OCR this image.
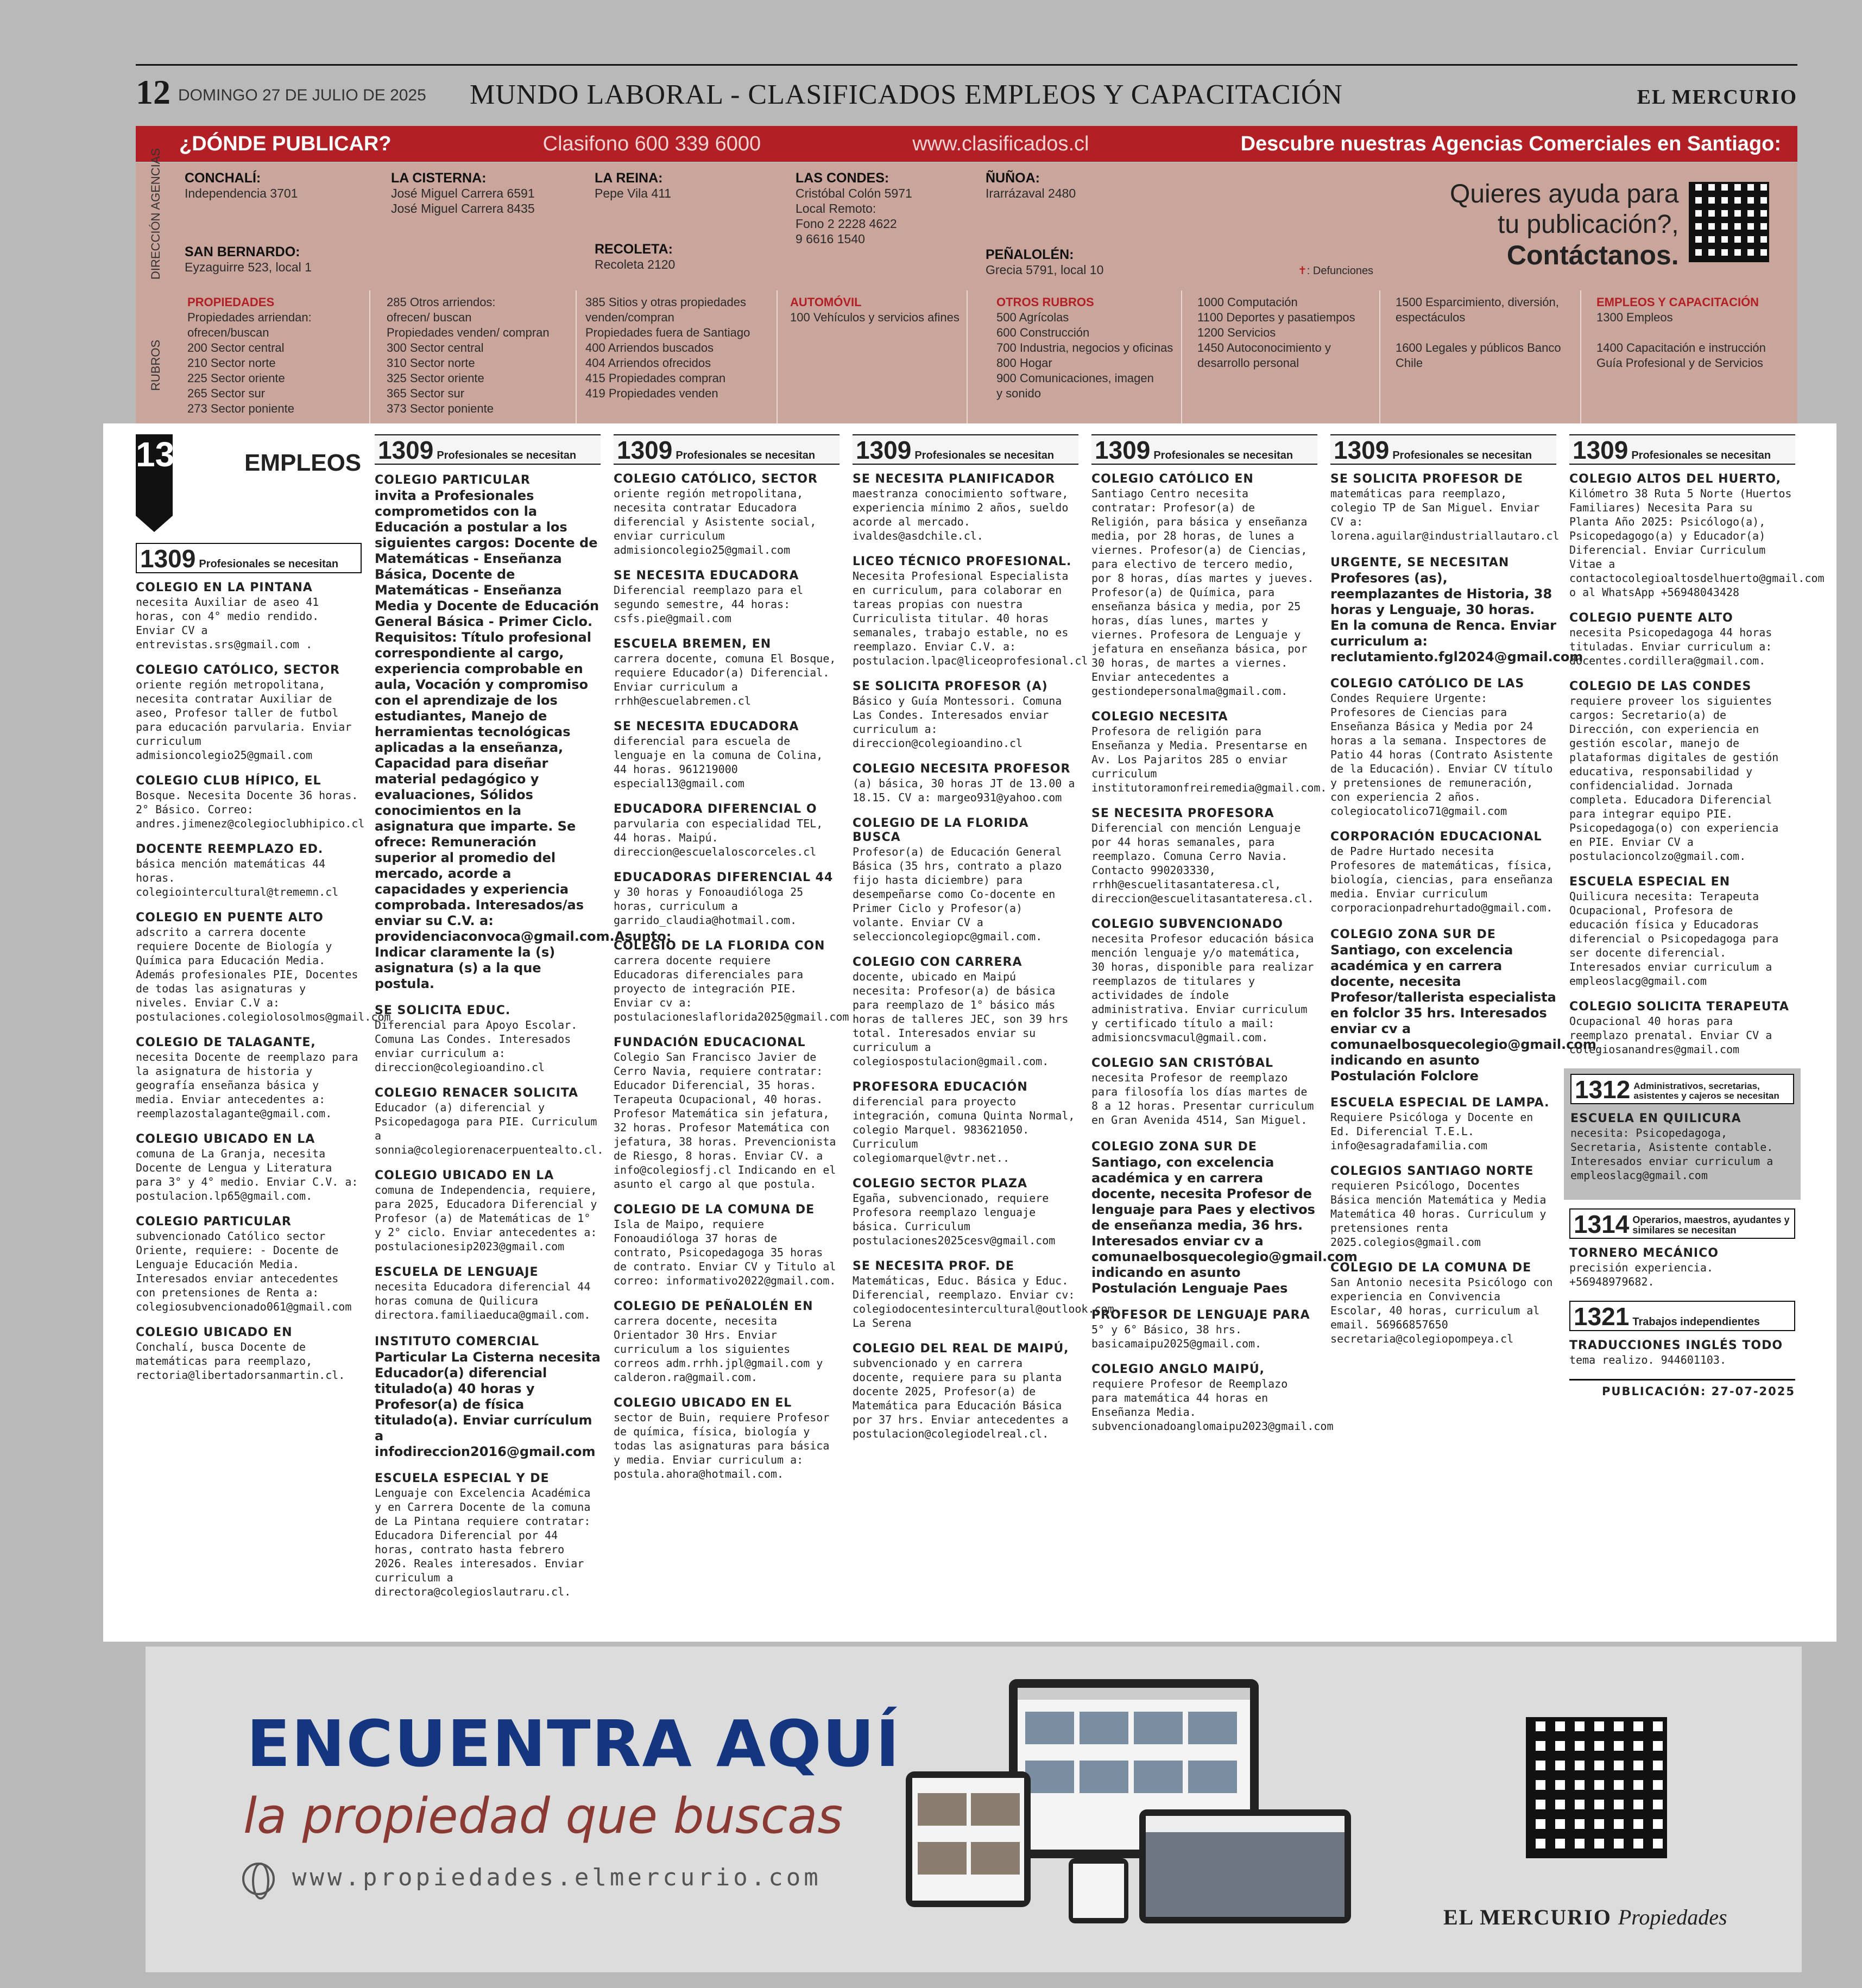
12 DOMINGO 27 DE JULIO DE 2025 MUNDO LABORAL - CLASIFICADOS EMPLEOS Y CAPACITACIÓN	EL MERCURIO
¿DÓNDE PUBLICAR?	Clasifono 600 339 6000	www.clasificados.cl	Descubre nuestras Agencias Comerciales en Santiago:
DIRECCIÓN AGENCIAS
RUBROS
CONCHALÍ:
Independencia 3701
SAN BERNARDO:
Eyzaguirre 523, local 1
LA CISTERNA:
José Miguel Carrera 6591
José Miguel Carrera 8435
LA REINA:
Pepe Vila 411
RECOLETA:
Recoleta 2120
LAS CONDES:
Cristóbal Colón 5971
Local Remoto:
Fono 2 2228 4622
9 6616 1540
ÑUÑOA:
Irarrázaval 2480
PEÑALOLÉN:
Grecia 5791, local 10	✝: Defunciones
Quieres ayuda para
tu publicación?,
Contáctanos.
PROPIEDADES
Propiedades arriendan:
ofrecen/buscan
200 Sector central
210 Sector norte
225 Sector oriente
265 Sector sur
273 Sector poniente
285 Otros arriendos:
ofrecen/ buscan
Propiedades venden/ compran
300 Sector central
310 Sector norte
325 Sector oriente
365 Sector sur
373 Sector poniente
385 Sitios y otras propiedades
venden/compran
Propiedades fuera de Santiago
400 Arriendos buscados
404 Arriendos ofrecidos
415 Propiedades compran
419 Propiedades venden
AUTOMÓVIL
100 Vehículos y servicios afines
OTROS RUBROS
500 Agrícolas
600 Construcción
700 Industria, negocios y oficinas
800 Hogar
900 Comunicaciones, imagen
y sonido
1000 Computación
1100 Deportes y pasatiempos
1200 Servicios
1450 Autoconocimiento y
desarrollo personal
1500 Esparcimiento, diversión,
espectáculos

1600 Legales y públicos Banco
Chile
EMPLEOS Y CAPACITACIÓN
1300 Empleos

1400 Capacitación e instrucción
Guía Profesional y de Servicios
1300 EMPLEOS
1309 Profesionales se necesitan
COLEGIO EN LA PINTANA
necesita Auxiliar de aseo 41 horas, con 4° medio rendido. Enviar CV a entrevistas.srs@gmail.com .
COLEGIO CATÓLICO, SECTOR
oriente región metropolitana, necesita contratar Auxiliar de aseo, Profesor taller de futbol para educación parvularia. Enviar curriculum admisioncolegio25@gmail.com
COLEGIO CLUB HÍPICO, EL
Bosque. Necesita Docente 36 horas. 2° Básico. Correo: andres.jimenez@colegioclubhipico.cl
DOCENTE REEMPLAZO ED.
básica mención matemáticas 44 horas. colegiointercultural@trememn.cl
COLEGIO EN PUENTE ALTO
adscrito a carrera docente requiere Docente de Biología y Química para Educación Media. Además profesionales PIE, Docentes de todas las asignaturas y niveles. Enviar C.V a: postulaciones.colegiolosolmos@gmail.com
COLEGIO DE TALAGANTE,
necesita Docente de reemplazo para la asignatura de historia y geografía enseñanza básica y media. Enviar antecedentes a: reemplazostalagante@gmail.com.
COLEGIO UBICADO EN LA
comuna de La Granja, necesita Docente de Lengua y Literatura para 3° y 4° medio. Enviar C.V. a: postulacion.lp65@gmail.com.
COLEGIO PARTICULAR
subvencionado Católico sector Oriente, requiere: - Docente de Lenguaje Educación Media. Interesados enviar antecedentes con pretensiones de Renta a: colegiosubvencionado061@gmail.com
COLEGIO UBICADO EN
Conchalí, busca Docente de matemáticas para reemplazo, rectoria@libertadorsanmartin.cl.
1309 Profesionales se necesitan
COLEGIO PARTICULAR
invita a Profesionales comprometidos con la Educación a postular a los siguientes cargos: Docente de Matemáticas - Enseñanza Básica, Docente de Matemáticas - Enseñanza Media y Docente de Educación General Básica - Primer Ciclo. Requisitos: Título profesional correspondiente al cargo, experiencia comprobable en aula, Vocación y compromiso con el aprendizaje de los estudiantes, Manejo de herramientas tecnológicas aplicadas a la enseñanza, Capacidad para diseñar material pedagógico y evaluaciones, Sólidos conocimientos en la asignatura que imparte. Se ofrece: Remuneración superior al promedio del mercado, acorde a capacidades y experiencia comprobada. Interesados/as enviar su C.V. a: providenciaconvoca@gmail.com.Asunto: Indicar claramente la (s) asignatura (s) a la que postula.
SE SOLICITA EDUC.
Diferencial para Apoyo Escolar. Comuna Las Condes. Interesados enviar curriculum a: direccion@colegioandino.cl
COLEGIO RENACER SOLICITA
Educador (a) diferencial y Psicopedagoga para PIE. Curriculum a sonnia@colegiorenacerpuentealto.cl.
COLEGIO UBICADO EN LA
comuna de Independencia, requiere, para 2025, Educadora Diferencial y Profesor (a) de Matemáticas de 1° y 2° ciclo. Enviar antecedentes a: postulacionesip2023@gmail.com
ESCUELA DE LENGUAJE
necesita Educadora diferencial 44 horas comuna de Quilicura directora.familiaeduca@gmail.com.
INSTITUTO COMERCIAL
Particular La Cisterna necesita Educador(a) diferencial titulado(a) 40 horas y Profesor(a) de física titulado(a). Enviar currículum a infodireccion2016@gmail.com
ESCUELA ESPECIAL Y DE
Lenguaje con Excelencia Académica y en Carrera Docente de la comuna de La Pintana requiere contratar: Educadora Diferencial por 44 horas, contrato hasta febrero 2026. Reales interesados. Enviar curriculum a directora@colegioslautraru.cl.
1309 Profesionales se necesitan
COLEGIO CATÓLICO, SECTOR
oriente región metropolitana, necesita contratar Educadora diferencial y Asistente social, enviar curriculum admisioncolegio25@gmail.com
SE NECESITA EDUCADORA
Diferencial reemplazo para el segundo semestre, 44 horas: csfs.pie@gmail.com
ESCUELA BREMEN, EN
carrera docente, comuna El Bosque, requiere Educador(a) Diferencial. Enviar curriculum a rrhh@escuelabremen.cl
SE NECESITA EDUCADORA
diferencial para escuela de lenguaje en la comuna de Colina, 44 horas. 961219000 especial13@gmail.com
EDUCADORA DIFERENCIAL O
parvularia con especialidad TEL, 44 horas. Maipú. direccion@escuelaloscorceles.cl
EDUCADORAS DIFERENCIAL 44
y 30 horas y Fonoaudióloga 25 horas, curriculum a garrido_claudia@hotmail.com.
COLEGIO DE LA FLORIDA CON
carrera docente requiere Educadoras diferenciales para proyecto de integración PIE. Enviar cv a: postulacioneslaflorida2025@gmail.com
FUNDACIÓN EDUCACIONAL
Colegio San Francisco Javier de Cerro Navia, requiere contratar: Educador Diferencial, 35 horas. Terapeuta Ocupacional, 40 horas. Profesor Matemática sin jefatura, 32 horas. Profesor Matemática con jefatura, 38 horas. Prevencionista de Riesgo, 8 horas. Enviar CV. a info@colegiosfj.cl Indicando en el asunto el cargo al que postula.
COLEGIO DE LA COMUNA DE
Isla de Maipo, requiere Fonoaudióloga 37 horas de contrato, Psicopedagoga 35 horas de contrato. Enviar CV y Titulo al correo: informativo2022@gmail.com.
COLEGIO DE PEÑALOLÉN EN
carrera docente, necesita Orientador 30 Hrs. Enviar curriculum a los siguientes correos adm.rrhh.jpl@gmail.com y calderon.ra@gmail.com.
COLEGIO UBICADO EN EL
sector de Buin, requiere Profesor de química, física, biología y todas las asignaturas para básica y media. Enviar curriculum a: postula.ahora@hotmail.com.
1309 Profesionales se necesitan
SE NECESITA PLANIFICADOR
maestranza conocimiento software, experiencia mínimo 2 años, sueldo acorde al mercado. ivaldes@asdchile.cl.
LICEO TÉCNICO PROFESIONAL.
Necesita Profesional Especialista en curriculum, para colaborar en tareas propias con nuestra Curriculista titular. 40 horas semanales, trabajo estable, no es reemplazo. Enviar C.V. a: postulacion.lpac@liceoprofesional.cl
SE SOLICITA PROFESOR (A)
Básico y Guía Montessori. Comuna Las Condes. Interesados enviar curriculum a: direccion@colegioandino.cl
COLEGIO NECESITA PROFESOR
(a) básica, 30 horas JT de 13.00 a 18.15. CV a: margeo931@yahoo.com
COLEGIO DE LA FLORIDA BUSCA
Profesor(a) de Educación General Básica (35 hrs, contrato a plazo fijo hasta diciembre) para desempeñarse como Co-docente en Primer Ciclo y Profesor(a) volante. Enviar CV a seleccioncolegiopc@gmail.com.
COLEGIO CON CARRERA
docente, ubicado en Maipú necesita: Profesor(a) de básica para reemplazo de 1° básico más horas de talleres JEC, son 39 hrs total. Interesados enviar su curriculum a colegiospostulacion@gmail.com.
PROFESORA EDUCACIÓN
diferencial para proyecto integración, comuna Quinta Normal, colegio Marquel. 983621050. Curriculum colegiomarquel@vtr.net..
COLEGIO SECTOR PLAZA
Egaña, subvencionado, requiere Profesora reemplazo lenguaje básica. Curriculum postulaciones2025cesv@gmail.com
SE NECESITA PROF. DE
Matemáticas, Educ. Básica y Educ. Diferencial, reemplazo. Enviar cv: colegiodocentesintercultural@outlook.com. La Serena
COLEGIO DEL REAL DE MAIPÚ,
subvencionado y en carrera docente, requiere para su planta docente 2025, Profesor(a) de Matemática para Educación Básica por 37 hrs. Enviar antecedentes a postulacion@colegiodelreal.cl.
1309 Profesionales se necesitan
COLEGIO CATÓLICO EN
Santiago Centro necesita contratar: Profesor(a) de Religión, para básica y enseñanza media, por 28 horas, de lunes a viernes. Profesor(a) de Ciencias, para electivo de tercero medio, por 8 horas, días martes y jueves. Profesor(a) de Química, para enseñanza básica y media, por 25 horas, días lunes, martes y viernes. Profesora de Lenguaje y jefatura en enseñanza básica, por 30 horas, de martes a viernes. Enviar antecedentes a gestiondepersonalma@gmail.com.
COLEGIO NECESITA
Profesora de religión para Enseñanza y Media. Presentarse en Av. Los Pajaritos 285 o enviar curriculum institutoramonfreiremedia@gmail.com.
SE NECESITA PROFESORA
Diferencial con mención Lenguaje por 44 horas semanales, para reemplazo. Comuna Cerro Navia. Contacto 990203330, rrhh@escuelitasantateresa.cl, direccion@escuelitasantateresa.cl.
COLEGIO SUBVENCIONADO
necesita Profesor educación básica mención lenguaje y/o matemática, 30 horas, disponible para realizar reemplazos de titulares y actividades de índole administrativa. Enviar curriculum y certificado título a mail: admisioncsvmacul@gmail.com.
COLEGIO SAN CRISTÓBAL
necesita Profesor de reemplazo para filosofía los días martes de 8 a 12 horas. Presentar curriculum en Gran Avenida 4514, San Miguel.
COLEGIO ZONA SUR DE
Santiago, con excelencia académica y en carrera docente, necesita Profesor de lenguaje para Paes y electivos de enseñanza media, 36 hrs. Interesados enviar cv a comunaelbosquecolegio@gmail.com indicando en asunto Postulación Lenguaje Paes
PROFESOR DE LENGUAJE PARA
5° y 6° Básico, 38 hrs. basicamaipu2025@gmail.com.
COLEGIO ANGLO MAIPÚ,
requiere Profesor de Reemplazo para matemática 44 horas en Enseñanza Media. subvencionadoanglomaipu2023@gmail.com
1309 Profesionales se necesitan
SE SOLICITA PROFESOR DE
matemáticas para reemplazo, colegio TP de San Miguel. Enviar CV a: lorena.aguilar@industriallautaro.cl
URGENTE, SE NECESITAN
Profesores (as), reemplazantes de Historia, 38 horas y Lenguaje, 30 horas. En la comuna de Renca. Enviar curriculum a: reclutamiento.fgl2024@gmail.com
COLEGIO CATÓLICO DE LAS
Condes Requiere Urgente: Profesores de Ciencias para Enseñanza Básica y Media por 24 horas a la semana. Inspectores de Patio 44 horas (Contrato Asistente de la Educación). Enviar CV título y pretensiones de remuneración, con experiencia 2 años. colegiocatolico71@gmail.com
CORPORACIÓN EDUCACIONAL
de Padre Hurtado necesita Profesores de matemáticas, física, biología, ciencias, para enseñanza media. Enviar curriculum corporacionpadrehurtado@gmail.com.
COLEGIO ZONA SUR DE
Santiago, con excelencia académica y en carrera docente, necesita Profesor/tallerista especialista en folclor 35 hrs. Interesados enviar cv a comunaelbosquecolegio@gmail.com indicando en asunto Postulación Folclore
ESCUELA ESPECIAL DE LAMPA.
Requiere Psicóloga y Docente en Ed. Diferencial T.E.L. info@esagradafamilia.com
COLEGIOS SANTIAGO NORTE
requieren Psicólogo, Docentes Básica mención Matemática y Media Matemática 40 horas. Curriculum y pretensiones renta 2025.colegios@gmail.com
COLEGIO DE LA COMUNA DE
San Antonio necesita Psicólogo con experiencia en Convivencia Escolar, 40 horas, curriculum al email. 56966857650 secretaria@colegiopompeya.cl
1309 Profesionales se necesitan
COLEGIO ALTOS DEL HUERTO,
Kilómetro 38 Ruta 5 Norte (Huertos Familiares) Necesita Para su Planta Año 2025: Psicólogo(a), Psicopedagogo(a) y Educador(a) Diferencial. Enviar Curriculum Vitae a contactocolegioaltosdelhuerto@gmail.com o al WhatsApp +56948043428
COLEGIO PUENTE ALTO
necesita Psicopedagoga 44 horas tituladas. Enviar curriculum a: docentes.cordillera@gmail.com.
COLEGIO DE LAS CONDES
requiere proveer los siguientes cargos: Secretario(a) de Dirección, con experiencia en gestión escolar, manejo de plataformas digitales de gestión educativa, responsabilidad y confidencialidad. Jornada completa. Educadora Diferencial para integrar equipo PIE. Psicopedagoga(o) con experiencia en PIE. Enviar CV a postulacioncolzo@gmail.com.
ESCUELA ESPECIAL EN
Quilicura necesita: Terapeuta Ocupacional, Profesora de educación física y Educadoras diferencial o Psicopedagoga para ser docente diferencial. Interesados enviar curriculum a empleoslacg@gmail.com
COLEGIO SOLICITA TERAPEUTA
Ocupacional 40 horas para reemplazo prenatal. Enviar CV a colegiosanandres@gmail.com
1312 Administrativos, secretarias, asistentes y cajeros se necesitan
ESCUELA EN QUILICURA
necesita: Psicopedagoga, Secretaria, Asistente contable. Interesados enviar curriculum a empleoslacg@gmail.com
1314 Operarios, maestros, ayudantes y similares se necesitan
TORNERO MECÁNICO
precisión experiencia. +56948979682.
1321 Trabajos independientes
TRADUCCIONES INGLÉS TODO
tema realizo. 944601103.
PUBLICACIÓN: 27-07-2025
ENCUENTRA AQUÍ
la propiedad que buscas
www.propiedades.elmercurio.com
EL MERCURIO Propiedades
